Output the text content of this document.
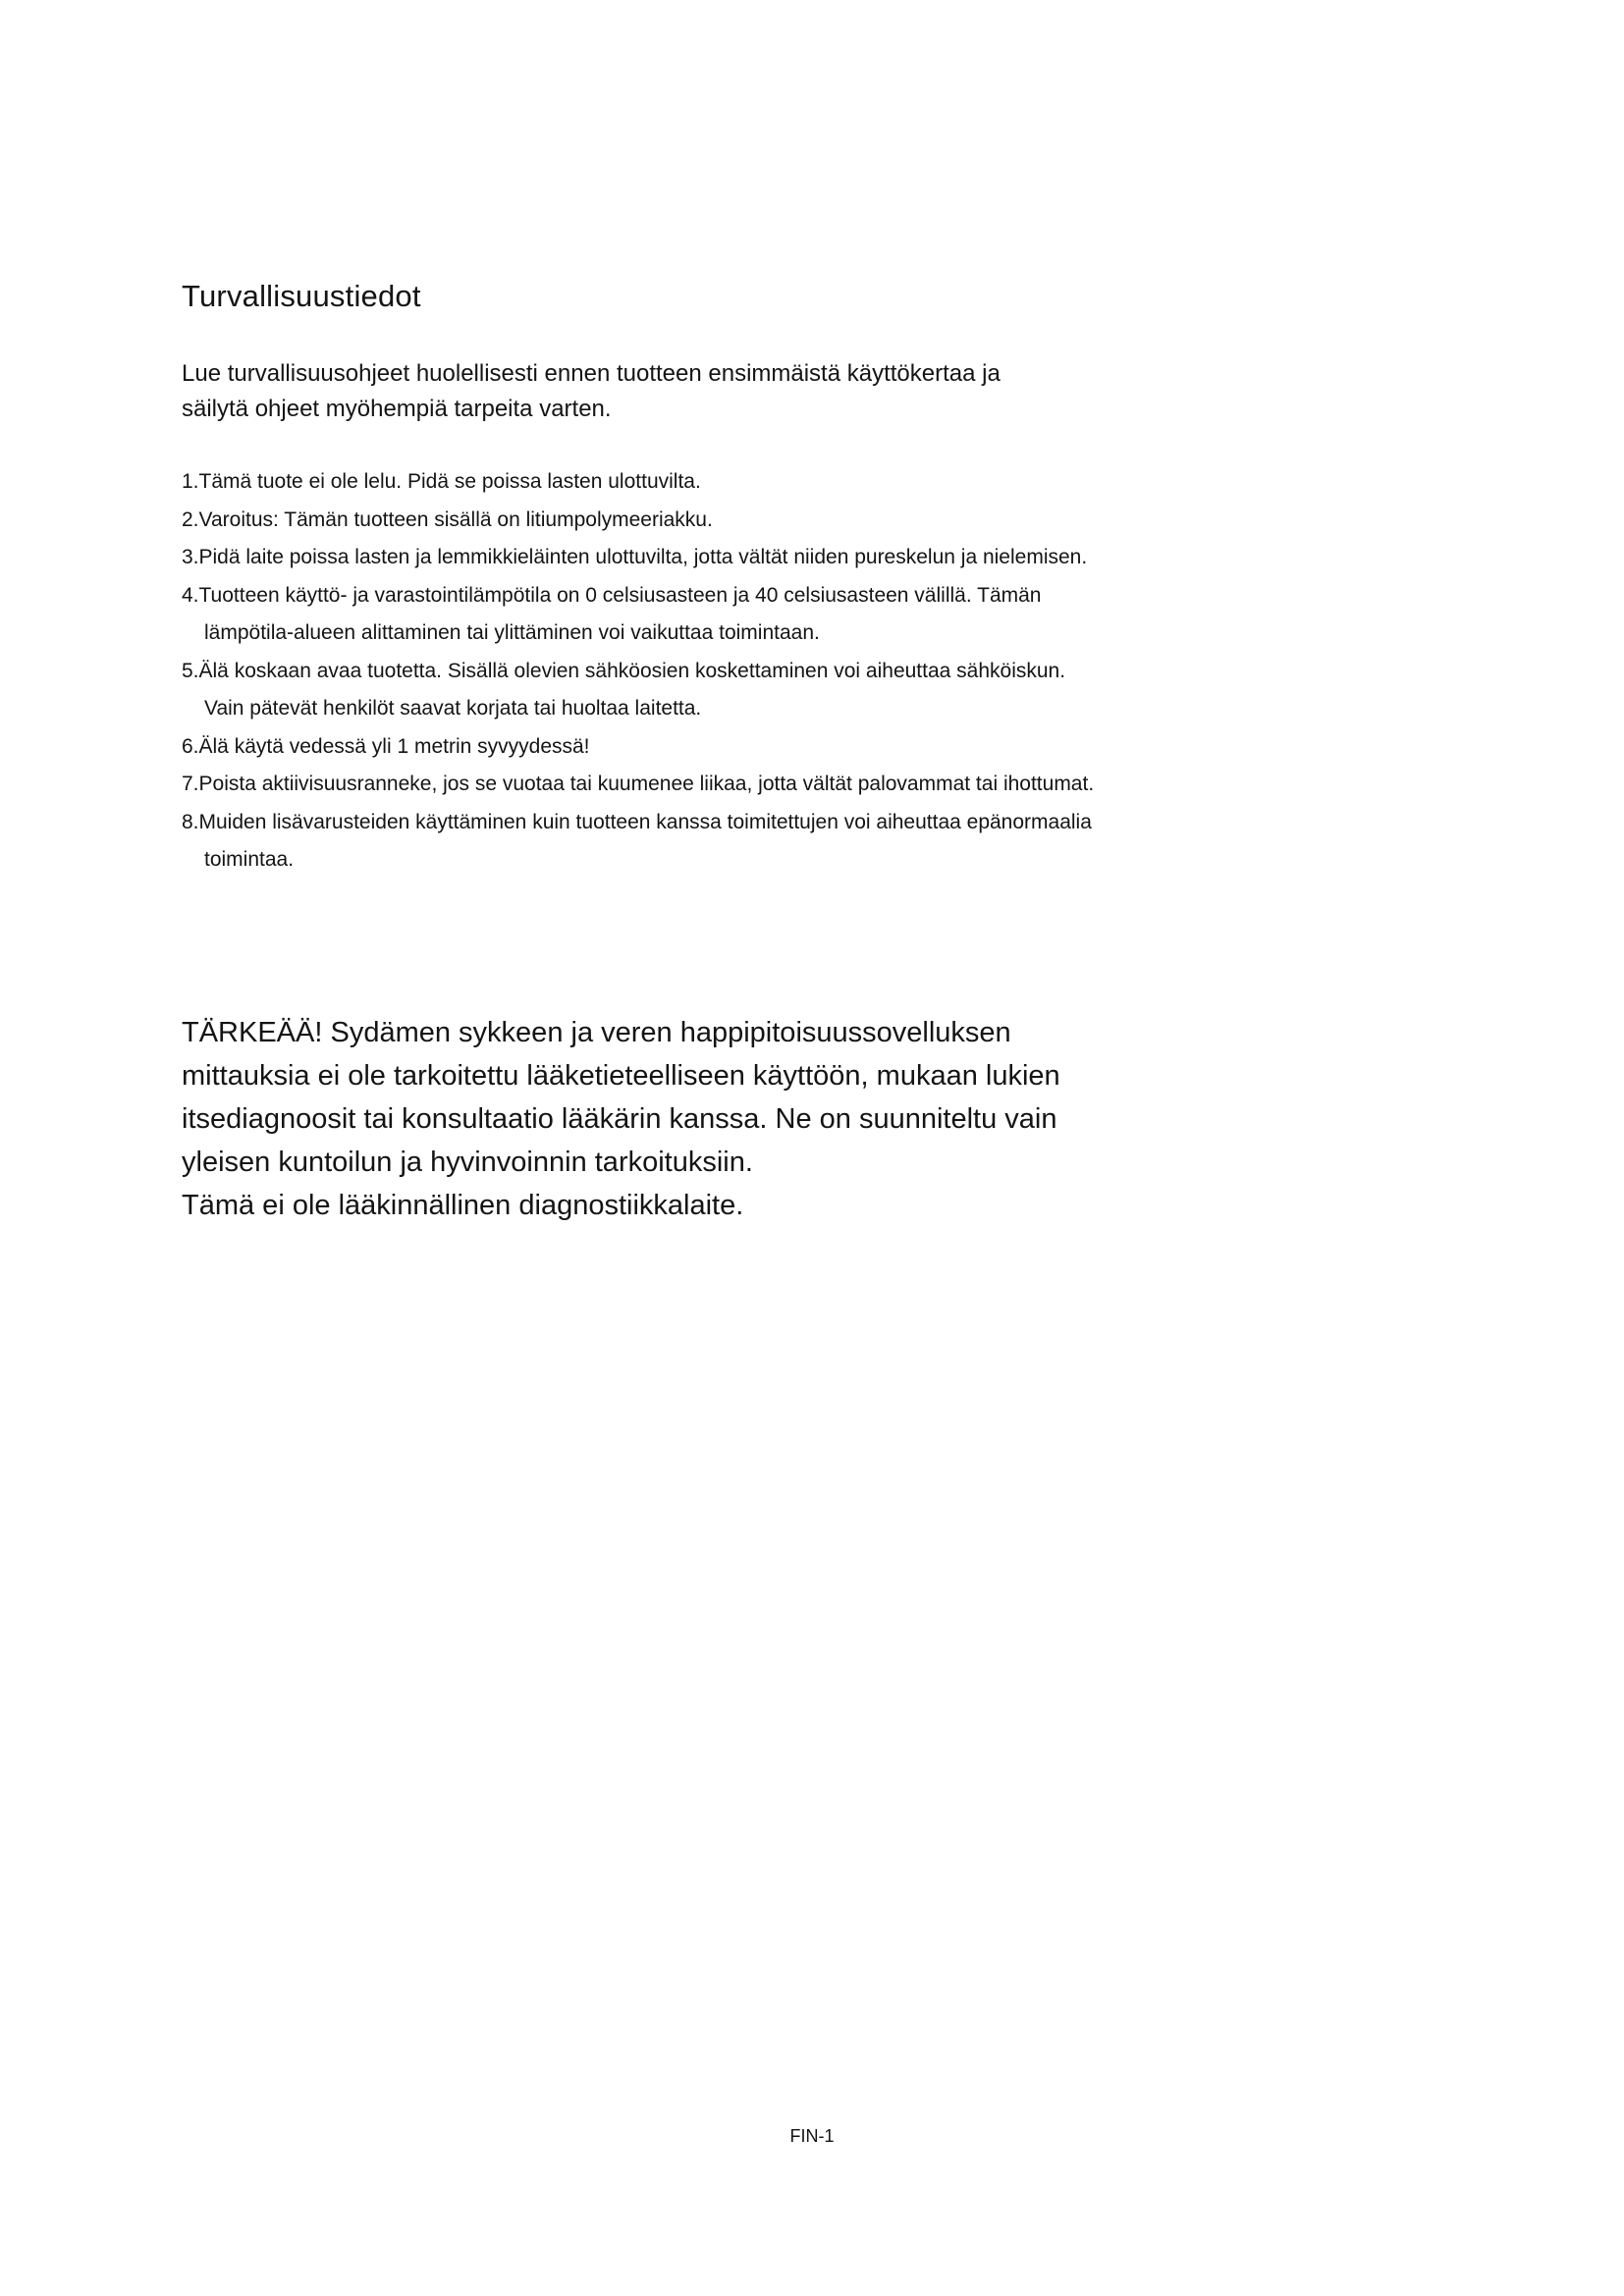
Turvallisuustiedot
Lue turvallisuusohjeet huolellisesti ennen tuotteen ensimmäistä käyttökertaa ja
säilytä ohjeet myöhempiä tarpeita varten.
1.Tämä tuote ei ole lelu. Pidä se poissa lasten ulottuvilta.
2.Varoitus: Tämän tuotteen sisällä on litiumpolymeeriakku.
3.Pidä laite poissa lasten ja lemmikkieläinten ulottuvilta, jotta vältät niiden pureskelun ja nielemisen.
4.Tuotteen käyttö- ja varastointilämpötila on 0 celsiusasteen ja 40 celsiusasteen välillä. Tämän
lämpötila-alueen alittaminen tai ylittäminen voi vaikuttaa toimintaan.
5.Älä koskaan avaa tuotetta. Sisällä olevien sähköosien koskettaminen voi aiheuttaa sähköiskun.
Vain pätevät henkilöt saavat korjata tai huoltaa laitetta.
6.Älä käytä vedessä yli 1 metrin syvyydessä!
7.Poista aktiivisuusranneke, jos se vuotaa tai kuumenee liikaa, jotta vältät palovammat tai ihottumat.
8.Muiden lisävarusteiden käyttäminen kuin tuotteen kanssa toimitettujen voi aiheuttaa epänormaalia
toimintaa.
TÄRKEÄÄ! Sydämen sykkeen ja veren happipitoisuussovelluksen
mittauksia ei ole tarkoitettu lääketieteelliseen käyttöön, mukaan lukien
itsediagnoosit tai konsultaatio lääkärin kanssa. Ne on suunniteltu vain
yleisen kuntoilun ja hyvinvoinnin tarkoituksiin.
Tämä ei ole lääkinnällinen diagnostiikkalaite.
FIN-1
